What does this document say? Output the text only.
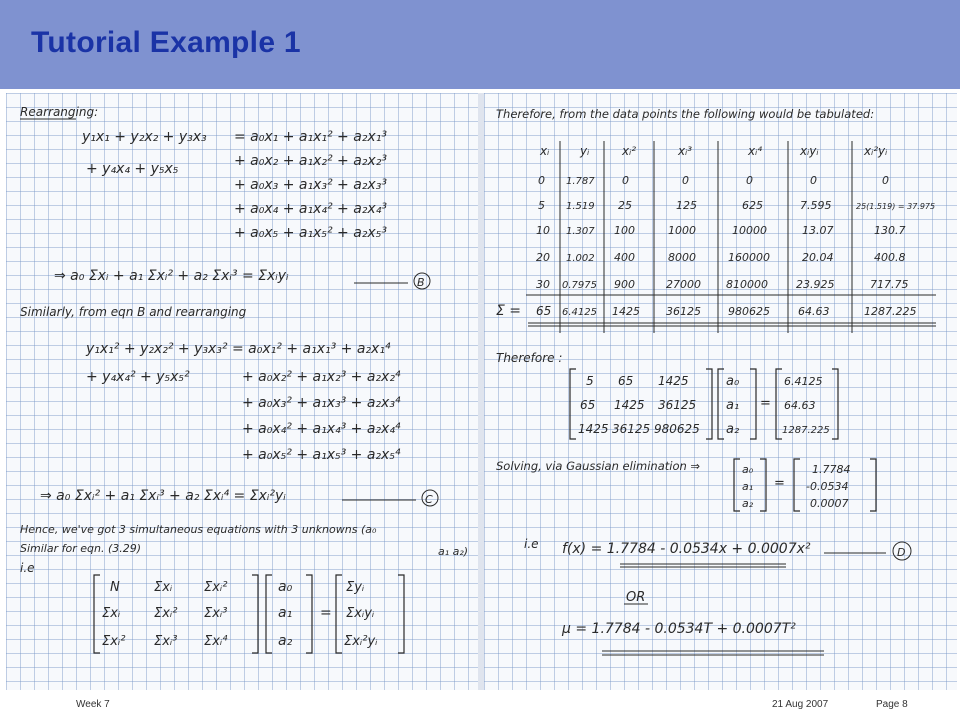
Tutorial Example 1
Rearranging:
y₁x₁ + y₂x₂ + y₃x₃
+ y₄x₄ + y₅x₅
= a₀x₁ + a₁x₁² + a₂x₁³
+ a₀x₂ + a₁x₂² + a₂x₂³
+ a₀x₃ + a₁x₃² + a₂x₃³
+ a₀x₄ + a₁x₄² + a₂x₄³
+ a₀x₅ + a₁x₅² + a₂x₅³
⇒ a₀ Σxᵢ + a₁ Σxᵢ² + a₂ Σxᵢ³ = Σxᵢyᵢ	B
Similarly, from eqn B and rearranging
y₁x₁² + y₂x₂² + y₃x₃²
+ y₄x₄² + y₅x₅²
= a₀x₁² + a₁x₁³ + a₂x₁⁴
+ a₀x₂² + a₁x₂³ + a₂x₂⁴
+ a₀x₃² + a₁x₃³ + a₂x₃⁴
+ a₀x₄² + a₁x₄³ + a₂x₄⁴
+ a₀x₅² + a₁x₅³ + a₂x₅⁴
⇒ a₀ Σxᵢ² + a₁ Σxᵢ³ + a₂ Σxᵢ⁴ = Σxᵢ²yᵢ	C
Hence, we've got 3 simultaneous equations with 3 unknowns (a₀
Similar for eqn. (3.29)	a₁ a₂)
i.e
N	Σxᵢ Σxᵢ²
Σxᵢ	Σxᵢ² Σxᵢ³
Σxᵢ² Σxᵢ³ Σxᵢ⁴
a₀
a₁
a₂
=
Σyᵢ
Σxᵢyᵢ
Σxᵢ²yᵢ
Therefore, from the data points the following would be tabulated:
xᵢ	yᵢ	xᵢ²	xᵢ³	xᵢ⁴	xᵢyᵢ	xᵢ²yᵢ
0 1.787 0	0	0	0	0
5 1.519 25	125	625	7.595	25(1.519) = 37.975
10 1.307 100	1000	10000	13.07	130.7
20 1.002 400	8000	160000	20.04	400.8
30 0.7975 900	27000 810000	23.925	717.75
Σ = 65 6.4125 1425 36125 980625	64.63	1287.225
Therefore :
5 65 1425
65 1425 36125
1425 36125 980625
a₀
a₁
a₂
=
6.4125
64.63
1287.225
Solving, via Gaussian elimination ⇒	a₀
a₁
a₂
=
1.7784
-0.0534
0.0007
i.e f(x) = 1.7784 - 0.0534x + 0.0007x²	D
OR
μ = 1.7784 - 0.0534T + 0.0007T²
Week 7	21 Aug 2007	Page 8
